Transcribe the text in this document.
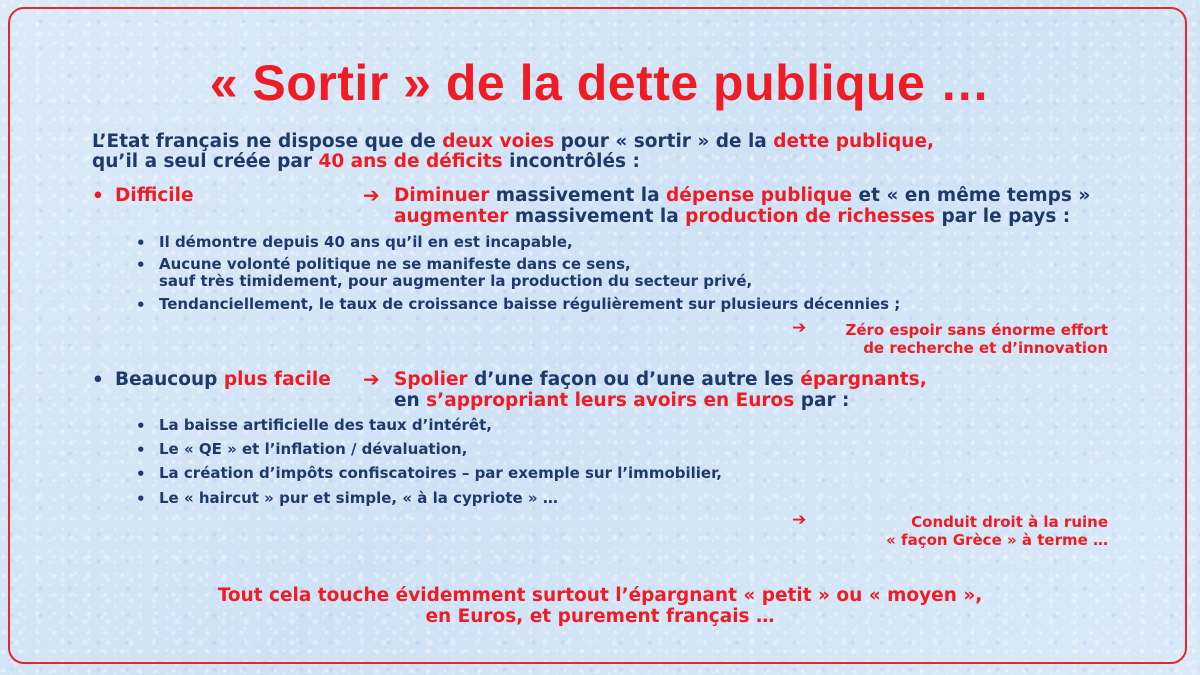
« Sortir » de la dette publique …
L’Etat français ne dispose que de deux voies pour « sortir » de la dette publique,
qu’il a seul créée par 40 ans de déficits incontrôlés :
• Difficile	➔ Diminuer massivement la dépense publique et « en même temps »
augmenter massivement la production de richesses par le pays :
• Il démontre depuis 40 ans qu’il en est incapable,
• Aucune volonté politique ne se manifeste dans ce sens,
sauf très timidement, pour augmenter la production du secteur privé,
• Tendanciellement, le taux de croissance baisse régulièrement sur plusieurs décennies ;
➔	Zéro espoir sans énorme effort
de recherche et d’innovation
• Beaucoup plus facile ➔ Spolier d’une façon ou d’une autre les épargnants,
en s’appropriant leurs avoirs en Euros par :
• La baisse artificielle des taux d’intérêt,
• Le « QE » et l’inflation / dévaluation,
• La création d’impôts confiscatoires – par exemple sur l’immobilier,
• Le « haircut » pur et simple, « à la cypriote » …
➔	Conduit droit à la ruine
« façon Grèce » à terme …
Tout cela touche évidemment surtout l’épargnant « petit » ou « moyen »,
en Euros, et purement français …
